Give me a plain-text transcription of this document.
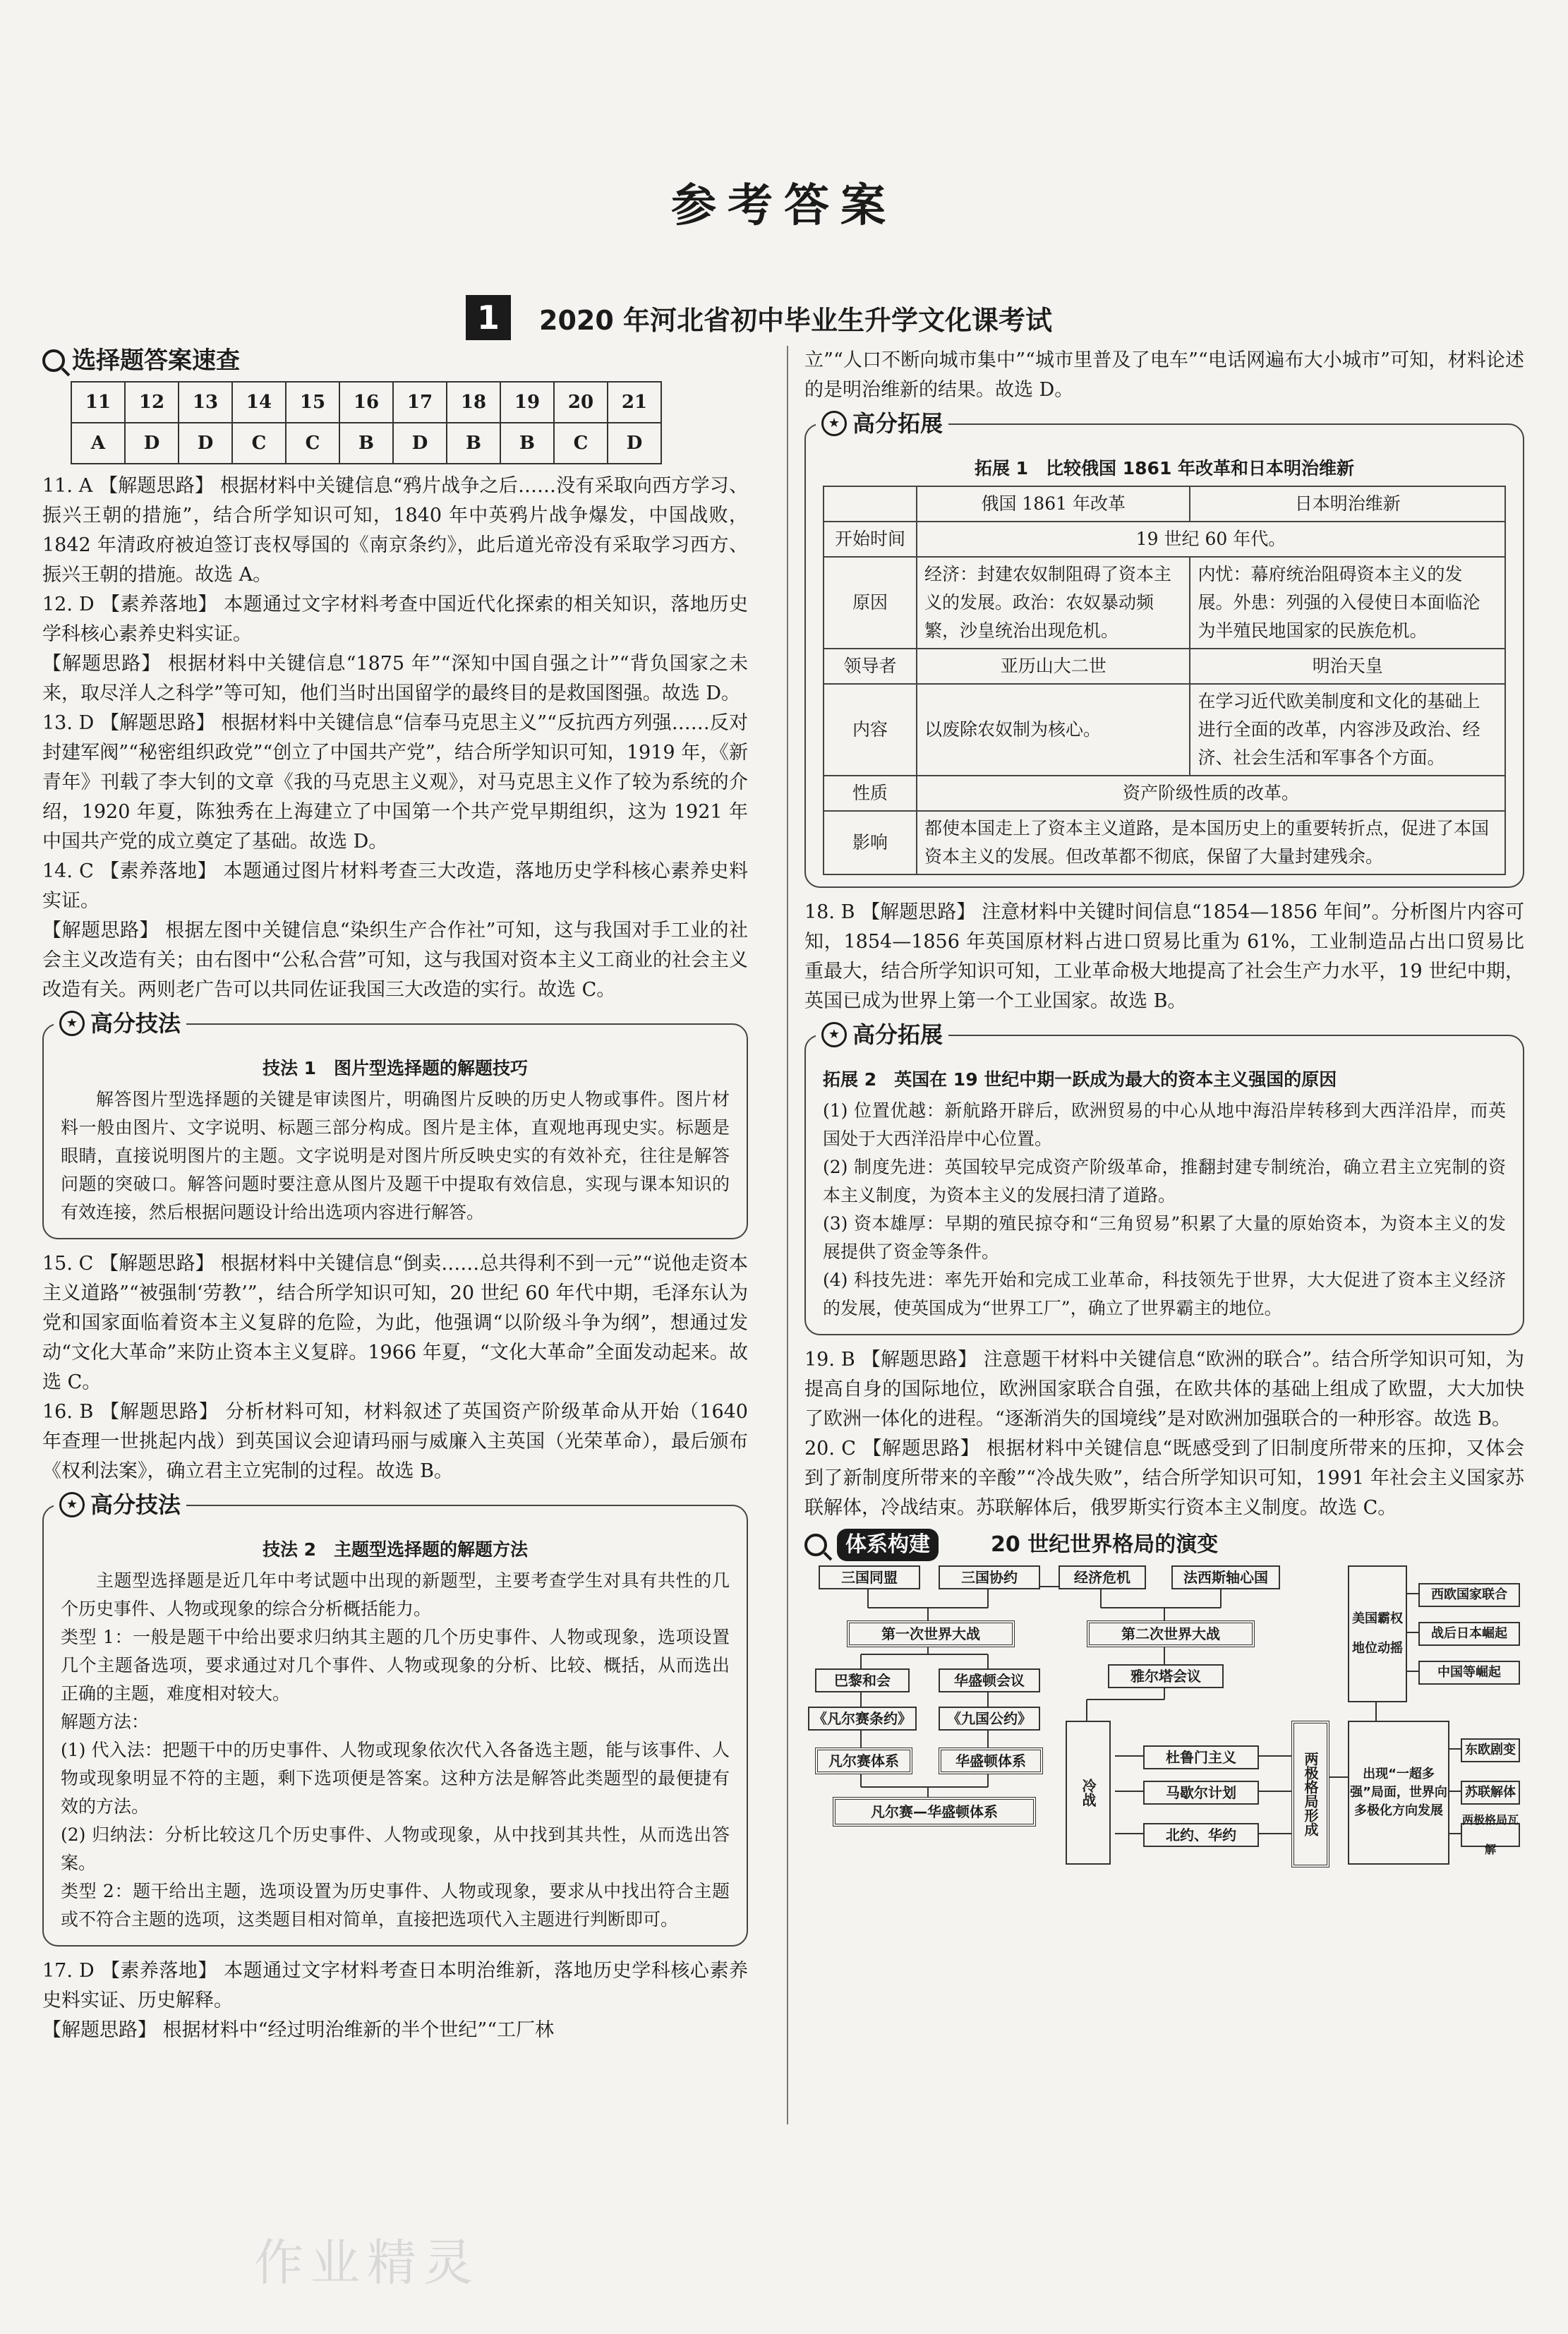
参考答案
1	2020 年河北省初中毕业生升学文化课考试
选择题答案速查
11	12	13	14	15	16	17	18	19	20	21
A	D	D	C	C	B	D	B	B	C	D

11. A 【解题思路】 根据材料中关键信息“鸦片战争之后……没有采取向西方学习、振兴王朝的措施”，结合所学知识可知，1840 年中英鸦片战争爆发，中国战败，1842 年清政府被迫签订丧权辱国的《南京条约》，此后道光帝没有采取学习西方、振兴王朝的措施。故选 A。

12. D 【素养落地】 本题通过文字材料考查中国近代化探索的相关知识，落地历史学科核心素养史料实证。

【解题思路】 根据材料中关键信息“1875 年”“深知中国自强之计”“背负国家之未来，取尽洋人之科学”等可知，他们当时出国留学的最终目的是救国图强。故选 D。

13. D 【解题思路】 根据材料中关键信息“信奉马克思主义”“反抗西方列强……反对封建军阀”“秘密组织政党”“创立了中国共产党”，结合所学知识可知，1919 年，《新青年》刊载了李大钊的文章《我的马克思主义观》，对马克思主义作了较为系统的介绍，1920 年夏，陈独秀在上海建立了中国第一个共产党早期组织，这为 1921 年中国共产党的成立奠定了基础。故选 D。

14. C 【素养落地】 本题通过图片材料考查三大改造，落地历史学科核心素养史料实证。

【解题思路】 根据左图中关键信息“染织生产合作社”可知，这与我国对手工业的社会主义改造有关；由右图中“公私合营”可知，这与我国对资本主义工商业的社会主义改造有关。两则老广告可以共同佐证我国三大改造的实行。故选 C。

★ 高分技法
技法 1　图片型选择题的解题技巧

解答图片型选择题的关键是审读图片，明确图片反映的历史人物或事件。图片材料一般由图片、文字说明、标题三部分构成。图片是主体，直观地再现史实。标题是眼睛，直接说明图片的主题。文字说明是对图片所反映史实的有效补充，往往是解答问题的突破口。解答问题时要注意从图片及题干中提取有效信息，实现与课本知识的有效连接，然后根据问题设计给出选项内容进行解答。

15. C 【解题思路】 根据材料中关键信息“倒卖……总共得利不到一元”“说他走资本主义道路”“被强制‘劳教’”，结合所学知识可知，20 世纪 60 年代中期，毛泽东认为党和国家面临着资本主义复辟的危险，为此，他强调“以阶级斗争为纲”，想通过发动“文化大革命”来防止资本主义复辟。1966 年夏，“文化大革命”全面发动起来。故选 C。

16. B 【解题思路】 分析材料可知，材料叙述了英国资产阶级革命从开始（1640 年查理一世挑起内战）到英国议会迎请玛丽与威廉入主英国（光荣革命），最后颁布《权利法案》，确立君主立宪制的过程。故选 B。

★ 高分技法
技法 2　主题型选择题的解题方法

主题型选择题是近几年中考试题中出现的新题型，主要考查学生对具有共性的几个历史事件、人物或现象的综合分析概括能力。

类型 1：一般是题干中给出要求归纳其主题的几个历史事件、人物或现象，选项设置几个主题备选项，要求通过对几个事件、人物或现象的分析、比较、概括，从而选出正确的主题，难度相对较大。

解题方法：

(1) 代入法：把题干中的历史事件、人物或现象依次代入各备选主题，能与该事件、人物或现象明显不符的主题，剩下选项便是答案。这种方法是解答此类题型的最便捷有效的方法。

(2) 归纳法：分析比较这几个历史事件、人物或现象，从中找到其共性，从而选出答案。

类型 2：题干给出主题，选项设置为历史事件、人物或现象，要求从中找出符合主题或不符合主题的选项，这类题目相对简单，直接把选项代入主题进行判断即可。

17. D 【素养落地】 本题通过文字材料考查日本明治维新，落地历史学科核心素养史料实证、历史解释。

【解题思路】 根据材料中“经过明治维新的半个世纪”“工厂林

立”“人口不断向城市集中”“城市里普及了电车”“电话网遍布大小城市”可知，材料论述的是明治维新的结果。故选 D。

★ 高分拓展
拓展 1　比较俄国 1861 年改革和日本明治维新
	俄国 1861 年改革	日本明治维新
开始时间	19 世纪 60 年代。	
原因	经济：封建农奴制阻碍了资本主义的发展。政治：农奴暴动频繁，沙皇统治出现危机。	内忧：幕府统治阻碍资本主义的发展。外患：列强的入侵使日本面临沦为半殖民地国家的民族危机。
领导者	亚历山大二世	明治天皇
内容	以废除农奴制为核心。	在学习近代欧美制度和文化的基础上进行全面的改革，内容涉及政治、经济、社会生活和军事各个方面。
性质	资产阶级性质的改革。	
影响	都使本国走上了资本主义道路，是本国历史上的重要转折点，促进了本国资本主义的发展。但改革都不彻底，保留了大量封建残余。	

18. B 【解题思路】 注意材料中关键时间信息“1854—1856 年间”。分析图片内容可知，1854—1856 年英国原材料占进口贸易比重为 61%，工业制造品占出口贸易比重最大，结合所学知识可知，工业革命极大地提高了社会生产力水平，19 世纪中期，英国已成为世界上第一个工业国家。故选 B。

★ 高分拓展
拓展 2　英国在 19 世纪中期一跃成为最大的资本主义强国的原因

(1) 位置优越：新航路开辟后，欧洲贸易的中心从地中海沿岸转移到大西洋沿岸，而英国处于大西洋沿岸中心位置。

(2) 制度先进：英国较早完成资产阶级革命，推翻封建专制统治，确立君主立宪制的资本主义制度，为资本主义的发展扫清了道路。

(3) 资本雄厚：早期的殖民掠夺和“三角贸易”积累了大量的原始资本，为资本主义的发展提供了资金等条件。

(4) 科技先进：率先开始和完成工业革命，科技领先于世界，大大促进了资本主义经济的发展，使英国成为“世界工厂”，确立了世界霸主的地位。

19. B 【解题思路】 注意题干材料中关键信息“欧洲的联合”。结合所学知识可知，为提高自身的国际地位，欧洲国家联合自强，在欧共体的基础上组成了欧盟，大大加快了欧洲一体化的进程。“逐渐消失的国境线”是对欧洲加强联合的一种形容。故选 B。

20. C 【解题思路】 根据材料中关键信息“既感受到了旧制度所带来的压抑，又体会到了新制度所带来的辛酸”“冷战失败”，结合所学知识可知，1991 年社会主义国家苏联解体，冷战结束。苏联解体后，俄罗斯实行资本主义制度。故选 C。

体系构建	20 世纪世界格局的演变
三国同盟	三国协约
第一次世界大战
巴黎和会	华盛顿会议
《凡尔赛条约》	《九国公约》
凡尔赛体系	华盛顿体系
凡尔赛—华盛顿体系
经济危机	法西斯轴心国
第二次世界大战
雅尔塔会议
冷战
杜鲁门主义
马歇尔计划
北约、华约	两极格局形成
美国霸权地位动摇
西欧国家联合
战后日本崛起
中国等崛起
出现“一超多强”局面，世界向多极化方向发展
东欧剧变
苏联解体
两极格局瓦解
作业精灵
